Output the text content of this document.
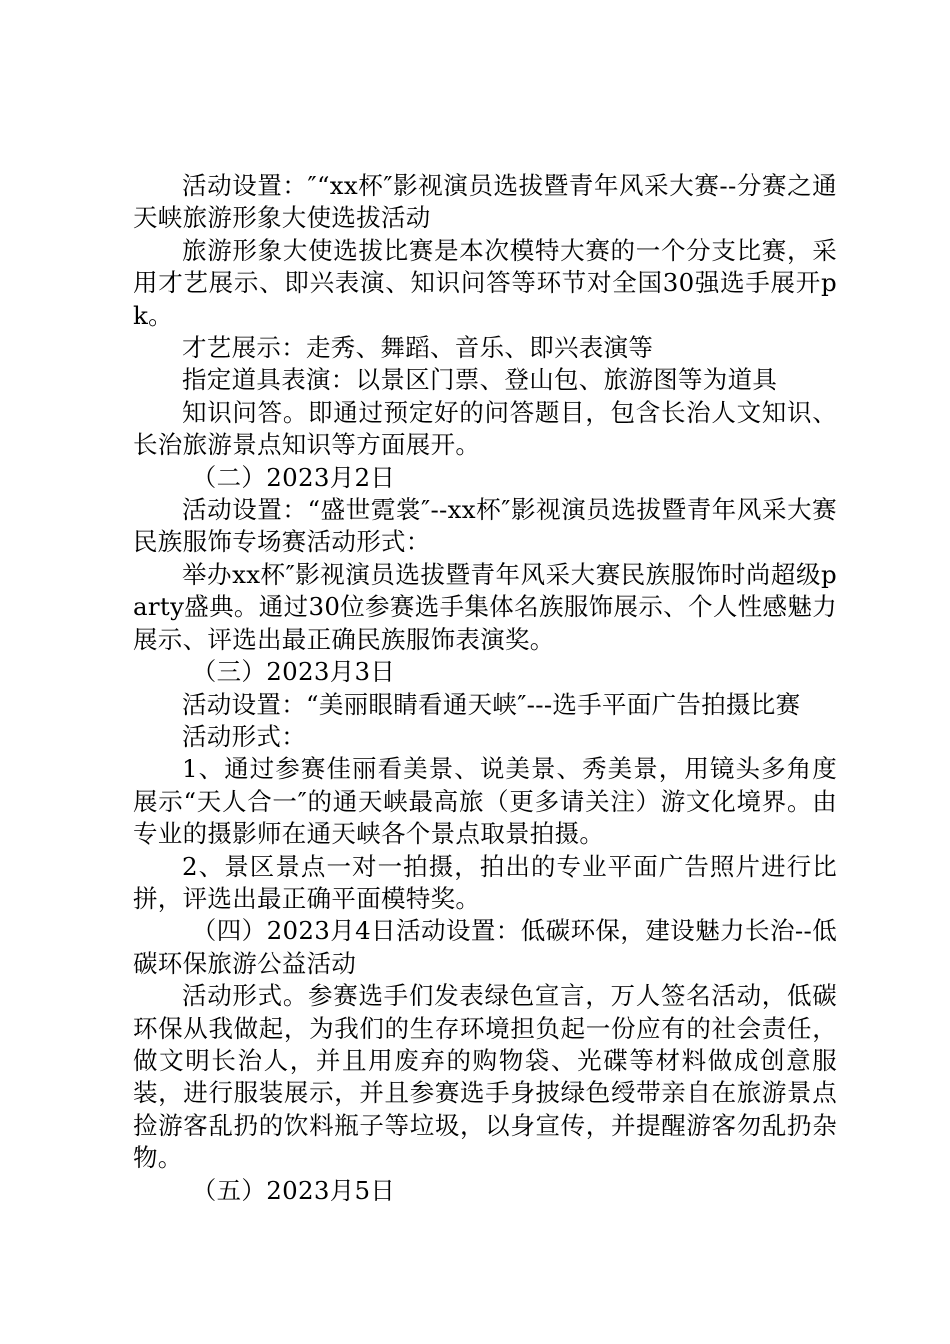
活动设置：″“xx杯″影视演员选拔暨青年风采大赛--分赛之通天峡旅游形象大使选拔活动

旅游形象大使选拔比赛是本次模特大赛的一个分支比赛，采用才艺展示、即兴表演、知识问答等环节对全国30强选手展开pk。

才艺展示：走秀、舞蹈、音乐、即兴表演等

指定道具表演：以景区门票、登山包、旅游图等为道具

知识问答。即通过预定好的问答题目，包含长治人文知识、长治旅游景点知识等方面展开。

（二）2023月2日

活动设置：“盛世霓裳″--xx杯″影视演员选拔暨青年风采大赛民族服饰专场赛活动形式：

举办xx杯″影视演员选拔暨青年风采大赛民族服饰时尚超级party盛典。通过30位参赛选手集体名族服饰展示、个人性感魅力展示、评选出最正确民族服饰表演奖。

（三）2023月3日

活动设置：“美丽眼睛看通天峡″---选手平面广告拍摄比赛

活动形式：

1、通过参赛佳丽看美景、说美景、秀美景，用镜头多角度展示“天人合一″的通天峡最高旅（更多请关注）游文化境界。由专业的摄影师在通天峡各个景点取景拍摄。

2、景区景点一对一拍摄，拍出的专业平面广告照片进行比拼，评选出最正确平面模特奖。

（四）2023月4日活动设置：低碳环保，建设魅力长治--低碳环保旅游公益活动

活动形式。参赛选手们发表绿色宣言，万人签名活动，低碳环保从我做起，为我们的生存环境担负起一份应有的社会责任，做文明长治人，并且用废弃的购物袋、光碟等材料做成创意服装，进行服装展示，并且参赛选手身披绿色绶带亲自在旅游景点捡游客乱扔的饮料瓶子等垃圾，以身宣传，并提醒游客勿乱扔杂物。

（五）2023月5日
